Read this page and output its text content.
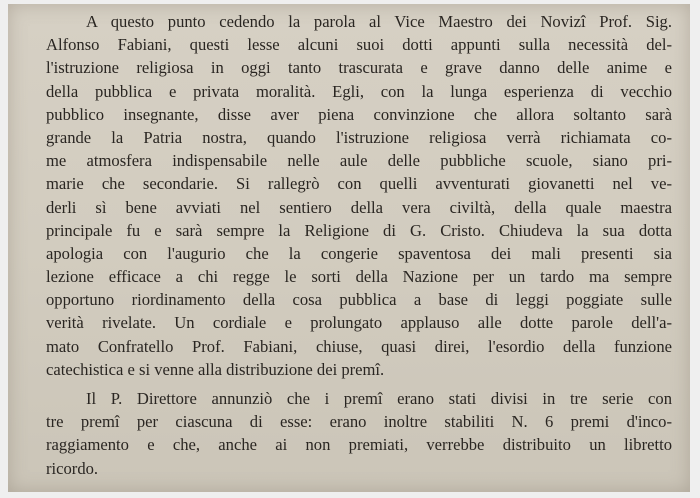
A questo punto cedendo la parola al Vice Maestro dei Novizî Prof. Sig.
Alfonso Fabiani, questi lesse alcuni suoi dotti appunti sulla necessità del-
l'istruzione religiosa in oggi tanto trascurata e grave danno delle anime e
della pubblica e privata moralità. Egli, con la lunga esperienza di vecchio
pubblico insegnante, disse aver piena convinzione che allora soltanto sarà
grande la Patria nostra, quando l'istruzione religiosa verrà richiamata co-
me atmosfera indispensabile nelle aule delle pubbliche scuole, siano pri-
marie che secondarie. Si rallegrò con quelli avventurati giovanetti nel ve-
derli sì bene avviati nel sentiero della vera civiltà, della quale maestra
principale fu e sarà sempre la Religione di G. Cristo. Chiudeva la sua dotta
apologia con l'augurio che la congerie spaventosa dei mali presenti sia
lezione efficace a chi regge le sorti della Nazione per un tardo ma sempre
opportuno riordinamento della cosa pubblica a base di leggi poggiate sulle
verità rivelate. Un cordiale e prolungato applauso alle dotte parole dell'a-
mato Confratello Prof. Fabiani, chiuse, quasi direi, l'esordio della funzione
catechistica e si venne alla distribuzione dei premî.
Il P. Direttore annunziò che i premî erano stati divisi in tre serie con
tre premî per ciascuna di esse: erano inoltre stabiliti N. 6 premi d'inco-
raggiamento e che, anche ai non premiati, verrebbe distribuito un libretto
ricordo.
